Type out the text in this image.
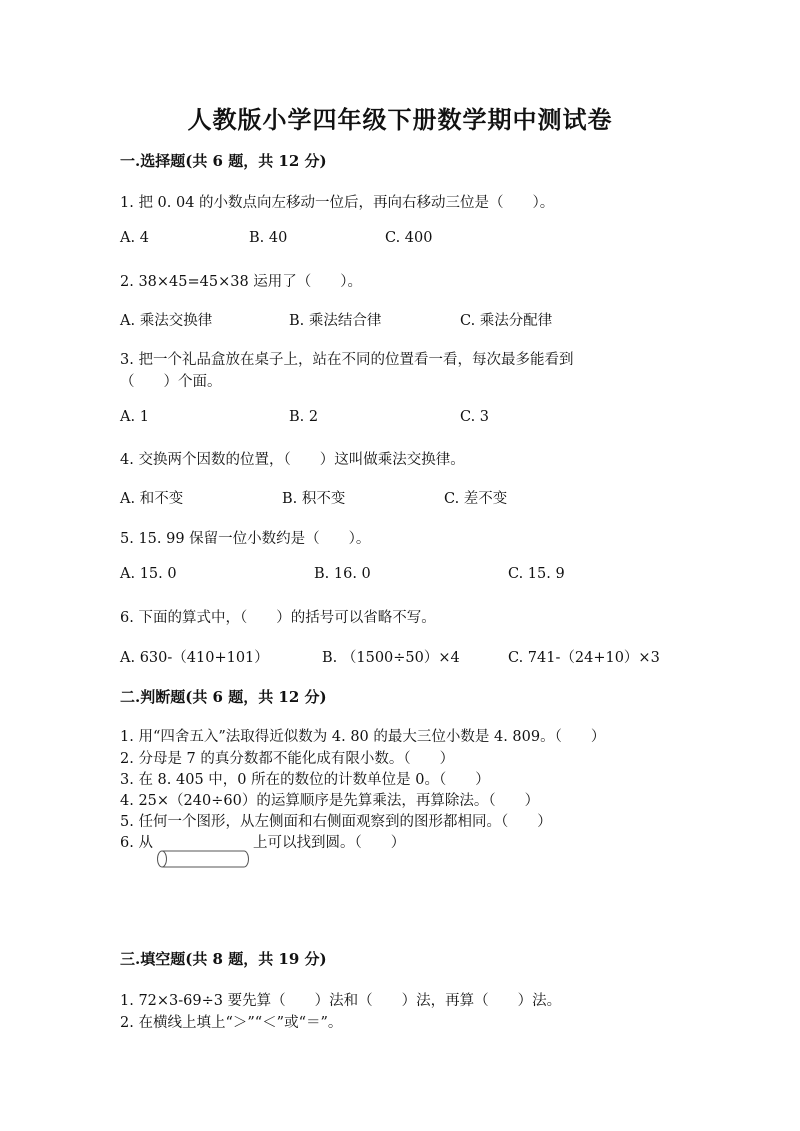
人教版小学四年级下册数学期中测试卷
一.选择题(共 6 题，共 12 分)
1. 把 0. 04 的小数点向左移动一位后，再向右移动三位是（　　）。
A. 4	B. 40	C. 400
2. 38×45=45×38 运用了（　　）。
A. 乘法交换律	B. 乘法结合律	C. 乘法分配律
3. 把一个礼品盒放在桌子上，站在不同的位置看一看，每次最多能看到
（　　）个面。
A. 1	B. 2	C. 3
4. 交换两个因数的位置，（　　）这叫做乘法交换律。
A. 和不变	B. 积不变	C. 差不变
5. 15. 99 保留一位小数约是（　　）。
A. 15. 0	B. 16. 0	C. 15. 9
6. 下面的算式中，（　　）的括号可以省略不写。
A. 630-（410+101）	B. （1500÷50）×4	C. 741-（24+10）×3
二.判断题(共 6 题，共 12 分)
1. 用“四舍五入”法取得近似数为 4. 80 的最大三位小数是 4. 809。（　　）
2. 分母是 7 的真分数都不能化成有限小数。（　　）
3. 在 8. 405 中，0 所在的数位的计数单位是 0。（　　）
4. 25×（240÷60）的运算顺序是先算乘法，再算除法。（　　）
5. 任何一个图形，从左侧面和右侧面观察到的图形都相同。（　　）
6. 从	上可以找到圆。（　　）
三.填空题(共 8 题，共 19 分)
1. 72×3-69÷3 要先算（　　）法和（　　）法，再算（　　）法。
2. 在横线上填上“＞”“＜”或“＝”。
